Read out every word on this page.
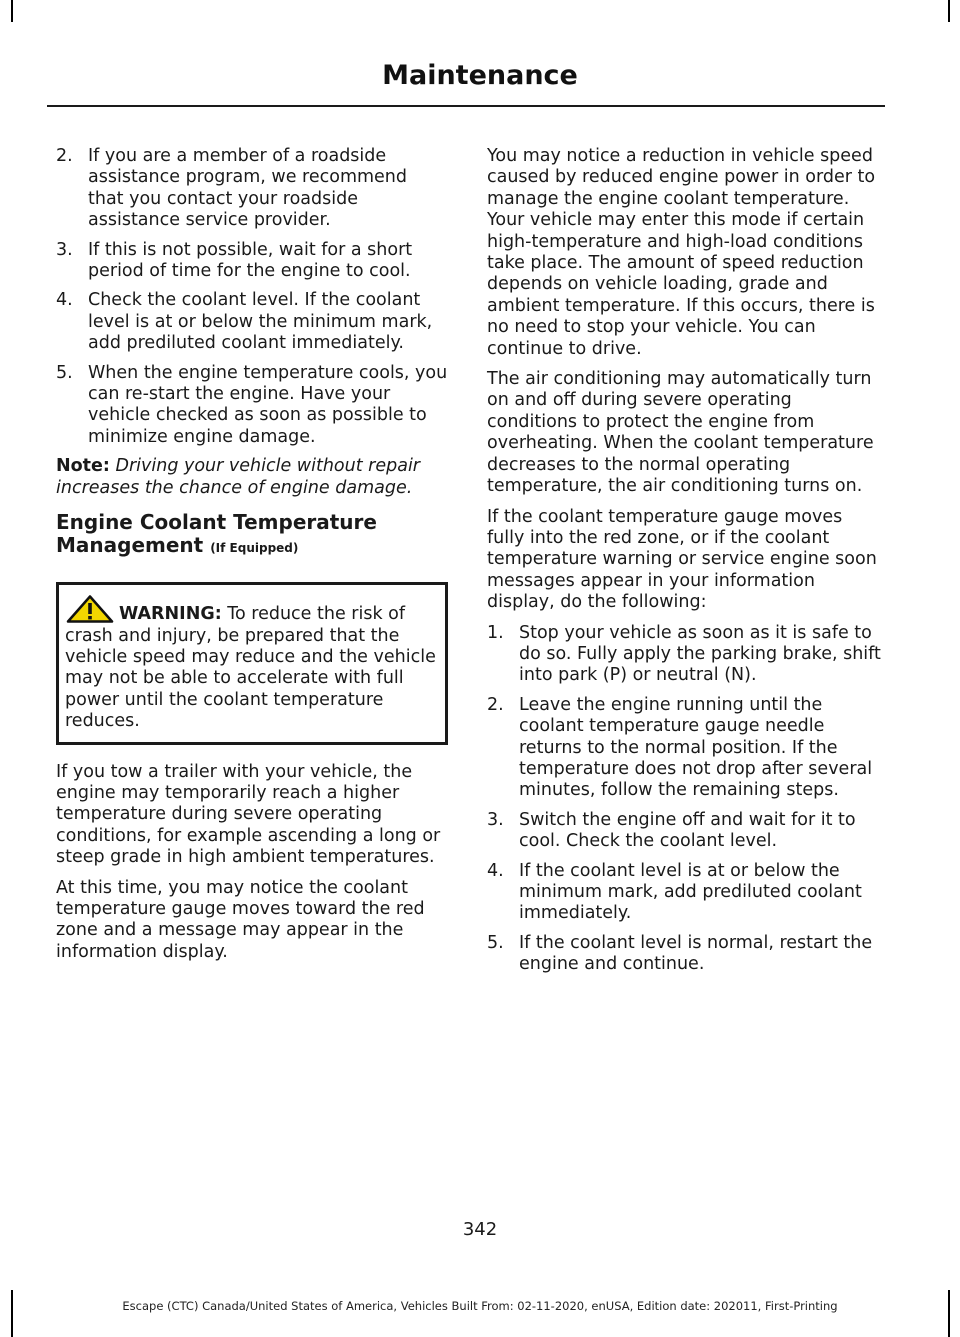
Maintenance
2. If you are a member of a roadside assistance program, we recommend that you contact your roadside assistance service provider.
3. If this is not possible, wait for a short period of time for the engine to cool.
4. Check the coolant level. If the coolant level is at or below the minimum mark, add prediluted coolant immediately.
5. When the engine temperature cools, you can re-start the engine. Have your vehicle checked as soon as possible to minimize engine damage.

Note: Driving your vehicle without repair increases the chance of engine damage.

Engine Coolant Temperature Management (If Equipped)
WARNING: To reduce the risk of crash and injury, be prepared that the vehicle speed may reduce and the vehicle may not be able to accelerate with full power until the coolant temperature reduces.

If you tow a trailer with your vehicle, the engine may temporarily reach a higher temperature during severe operating conditions, for example ascending a long or steep grade in high ambient temperatures.

At this time, you may notice the coolant temperature gauge moves toward the red zone and a message may appear in the information display.

You may notice a reduction in vehicle speed caused by reduced engine power in order to manage the engine coolant temperature. Your vehicle may enter this mode if certain high-temperature and high-load conditions take place. The amount of speed reduction depends on vehicle loading, grade and ambient temperature. If this occurs, there is no need to stop your vehicle. You can continue to drive.

The air conditioning may automatically turn on and off during severe operating conditions to protect the engine from overheating. When the coolant temperature decreases to the normal operating temperature, the air conditioning turns on.

If the coolant temperature gauge moves fully into the red zone, or if the coolant temperature warning or service engine soon messages appear in your information display, do the following:

1. Stop your vehicle as soon as it is safe to do so. Fully apply the parking brake, shift into park (P) or neutral (N).
2. Leave the engine running until the coolant temperature gauge needle returns to the normal position. If the temperature does not drop after several minutes, follow the remaining steps.
3. Switch the engine off and wait for it to cool. Check the coolant level.
4. If the coolant level is at or below the minimum mark, add prediluted coolant immediately.
5. If the coolant level is normal, restart the engine and continue.
342
Escape (CTC) Canada/United States of America, Vehicles Built From: 02-11-2020, enUSA, Edition date: 202011, First-Printing
